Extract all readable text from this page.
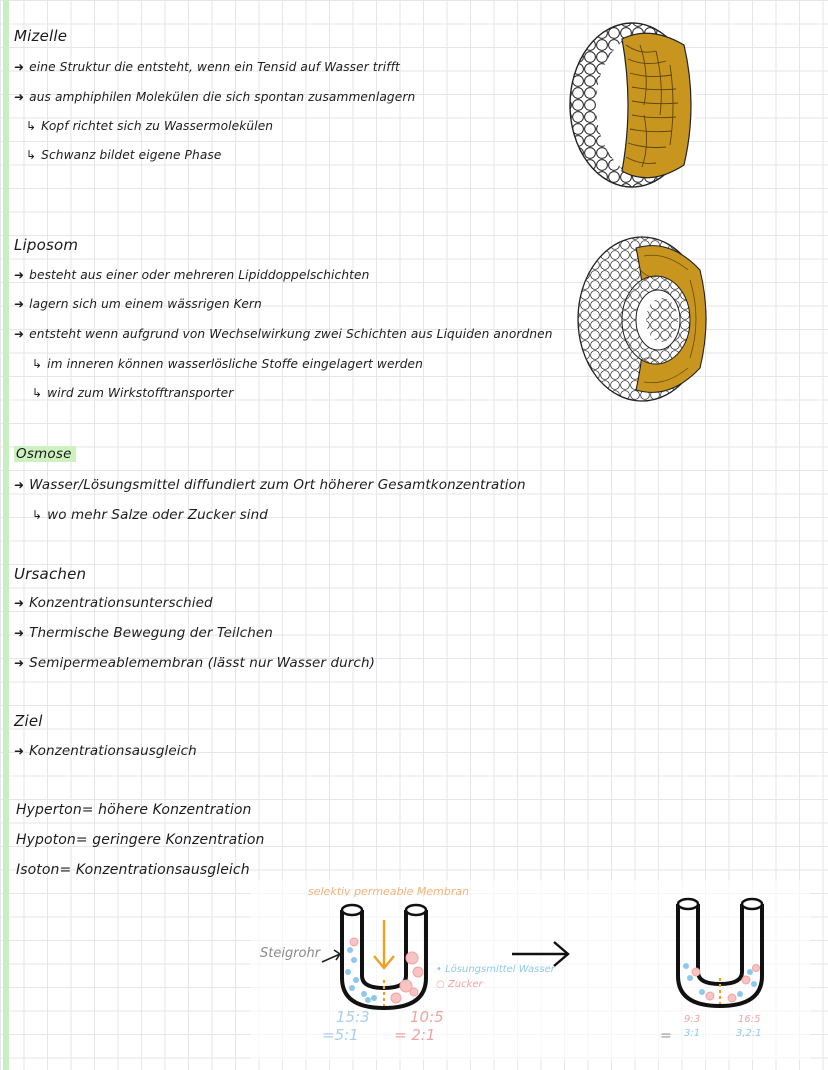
Mizelle
➜ eine Struktur die entsteht, wenn ein Tensid auf Wasser trifft
➜ aus amphiphilen Molekülen die sich spontan zusammenlagern
↳ Kopf richtet sich zu Wassermolekülen
↳ Schwanz bildet eigene Phase
Liposom
➜ besteht aus einer oder mehreren Lipiddoppelschichten
➜ lagern sich um einem wässrigen Kern
➜ entsteht wenn aufgrund von Wechselwirkung zwei Schichten aus Liquiden anordnen
↳ im inneren können wasserlösliche Stoffe eingelagert werden
↳ wird zum Wirkstofftransporter
Osmose
➜ Wasser/Lösungsmittel diffundiert zum Ort höherer Gesamtkonzentration
↳ wo mehr Salze oder Zucker sind
Ursachen
➜ Konzentrationsunterschied
➜ Thermische Bewegung der Teilchen
➜ Semipermeablemembran (lässt nur Wasser durch)
Ziel
➜ Konzentrationsausgleich
Hyperton= höhere Konzentration
Hypoton= geringere Konzentration
Isoton= Konzentrationsausgleich
selektiv permeable Membran
Steigrohr
• Lösungsmittel Wasser
○ Zucker
15:3
=5:1
10:5
= 2:1	=
9:3
3:1
16:5
3,2:1
